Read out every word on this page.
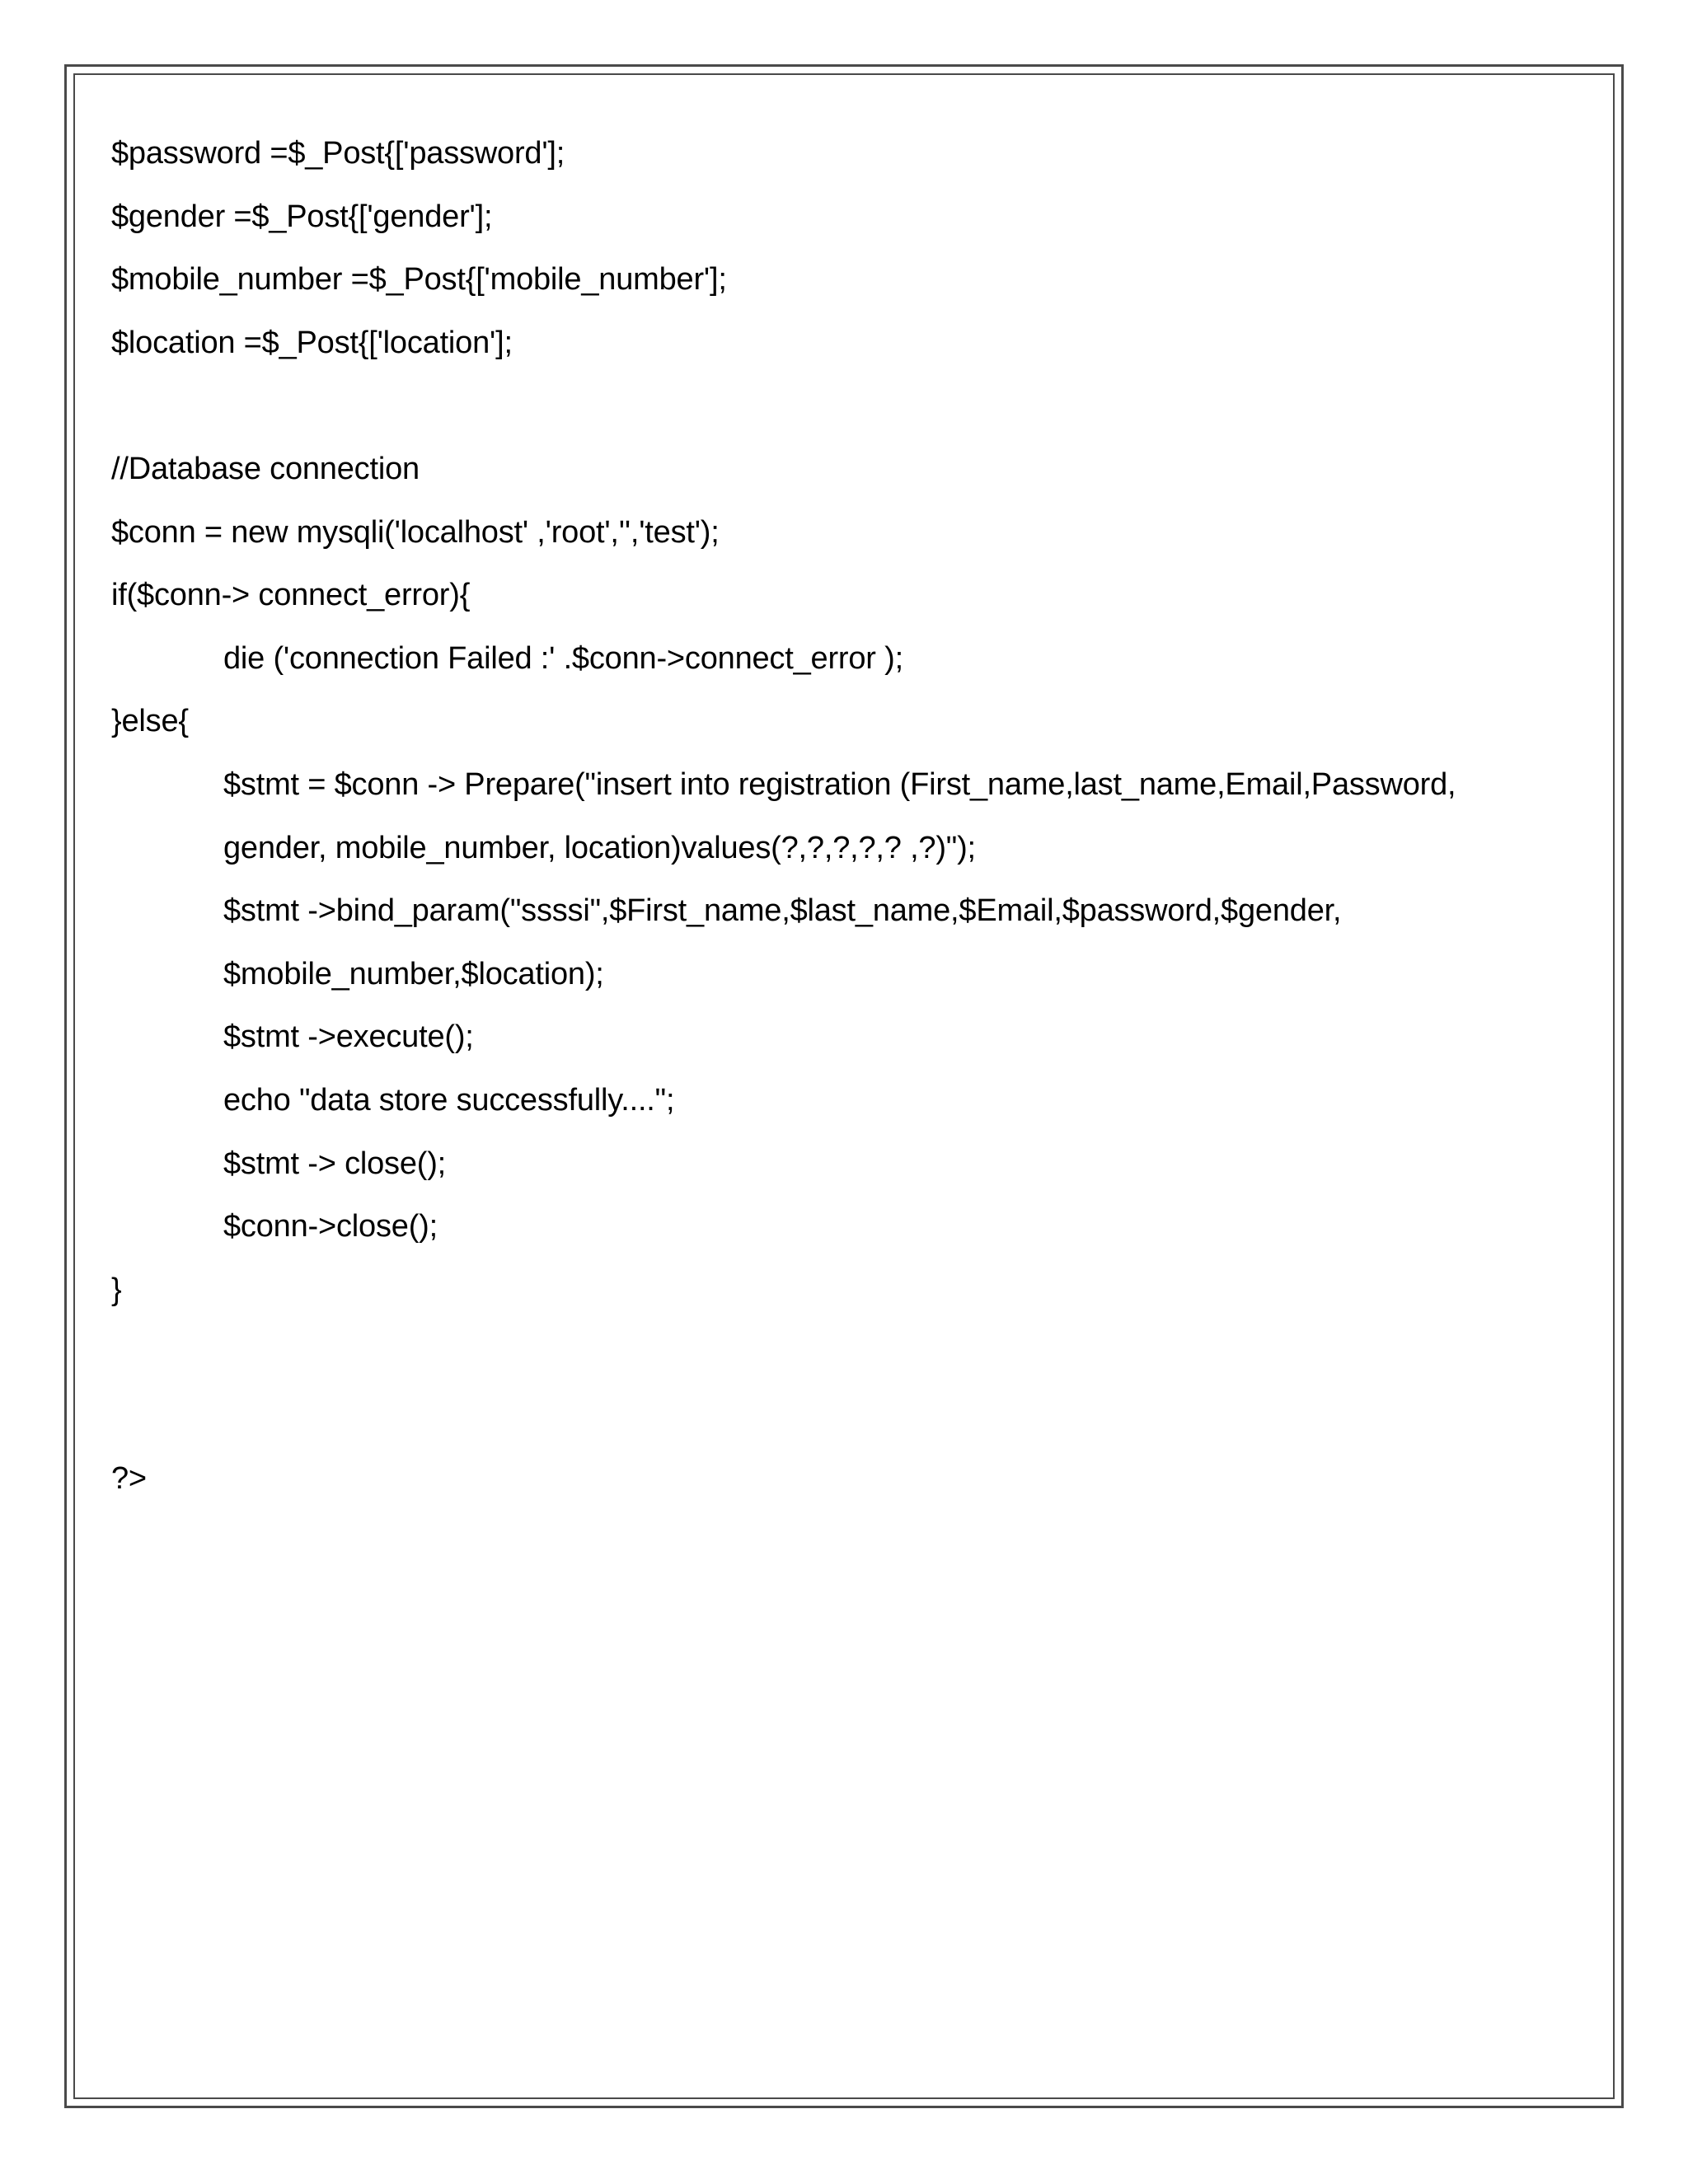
$password =$_Post{['password'];
$gender =$_Post{['gender'];
$mobile_number =$_Post{['mobile_number'];
$location =$_Post{['location'];
//Database connection
$conn = new mysqli('localhost' ,'root','','test');
if($conn-> connect_error){
die ('connection Failed :' .$conn->connect_error );
}else{
$stmt = $conn -> Prepare("insert into registration (First_name,last_name,Email,Password,
gender, mobile_number, location)values(?,?,?,?,? ,?)");
$stmt ->bind_param("ssssi",$First_name,$last_name,$Email,$password,$gender,
$mobile_number,$location);
$stmt ->execute();
echo "data store successfully....";
$stmt -> close();
$conn->close();
}
?>
